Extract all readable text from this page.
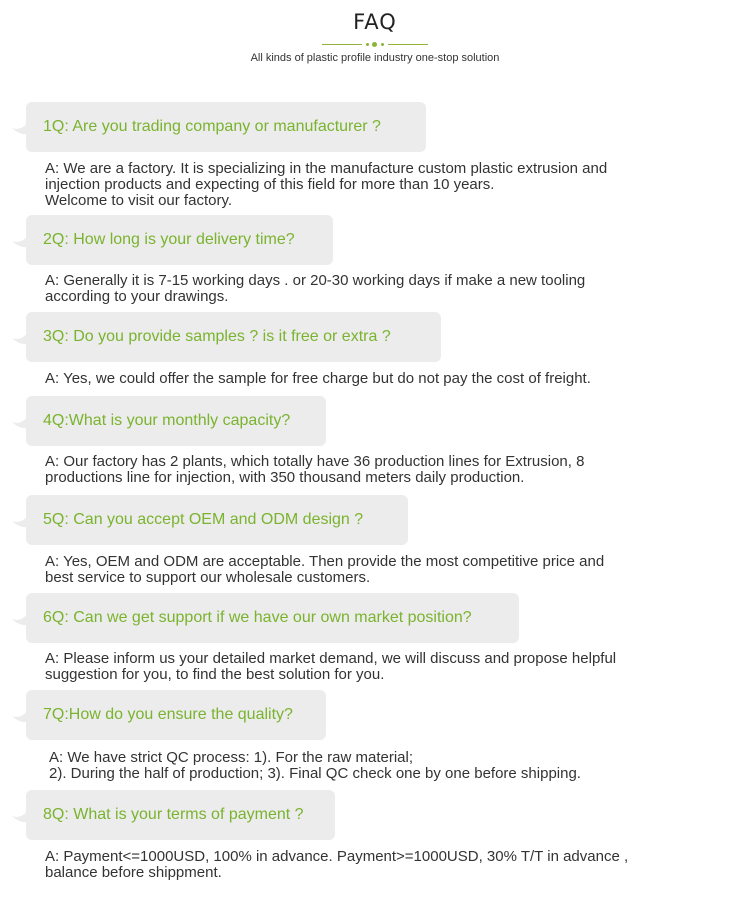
FAQ
All kinds of plastic profile industry one-stop solution
1Q: Are you trading company or manufacturer ?
A: We are a factory. It is specializing in the manufacture custom plastic extrusion and
injection products and expecting of this field for more than 10 years.
Welcome to visit our factory.
2Q: How long is your delivery time?
A: Generally it is 7-15 working days . or 20-30 working days if make a new tooling
according to your drawings.
3Q: Do you provide samples ? is it free or extra ?
A: Yes, we could offer the sample for free charge but do not pay the cost of freight.
4Q:What is your monthly capacity?
A: Our factory has 2 plants, which totally have 36 production lines for Extrusion, 8
productions line for injection, with 350 thousand meters daily production.
5Q: Can you accept OEM and ODM design ?
A: Yes, OEM and ODM are acceptable. Then provide the most competitive price and
best service to support our wholesale customers.
6Q: Can we get support if we have our own market position?
A: Please inform us your detailed market demand, we will discuss and propose helpful
suggestion for you, to find the best solution for you.
7Q:How do you ensure the quality?
A: We have strict QC process: 1). For the raw material;
2). During the half of production; 3). Final QC check one by one before shipping.
8Q: What is your terms of payment ?
A: Payment<=1000USD, 100% in advance. Payment>=1000USD, 30% T/T in advance ,
balance before shippment.
